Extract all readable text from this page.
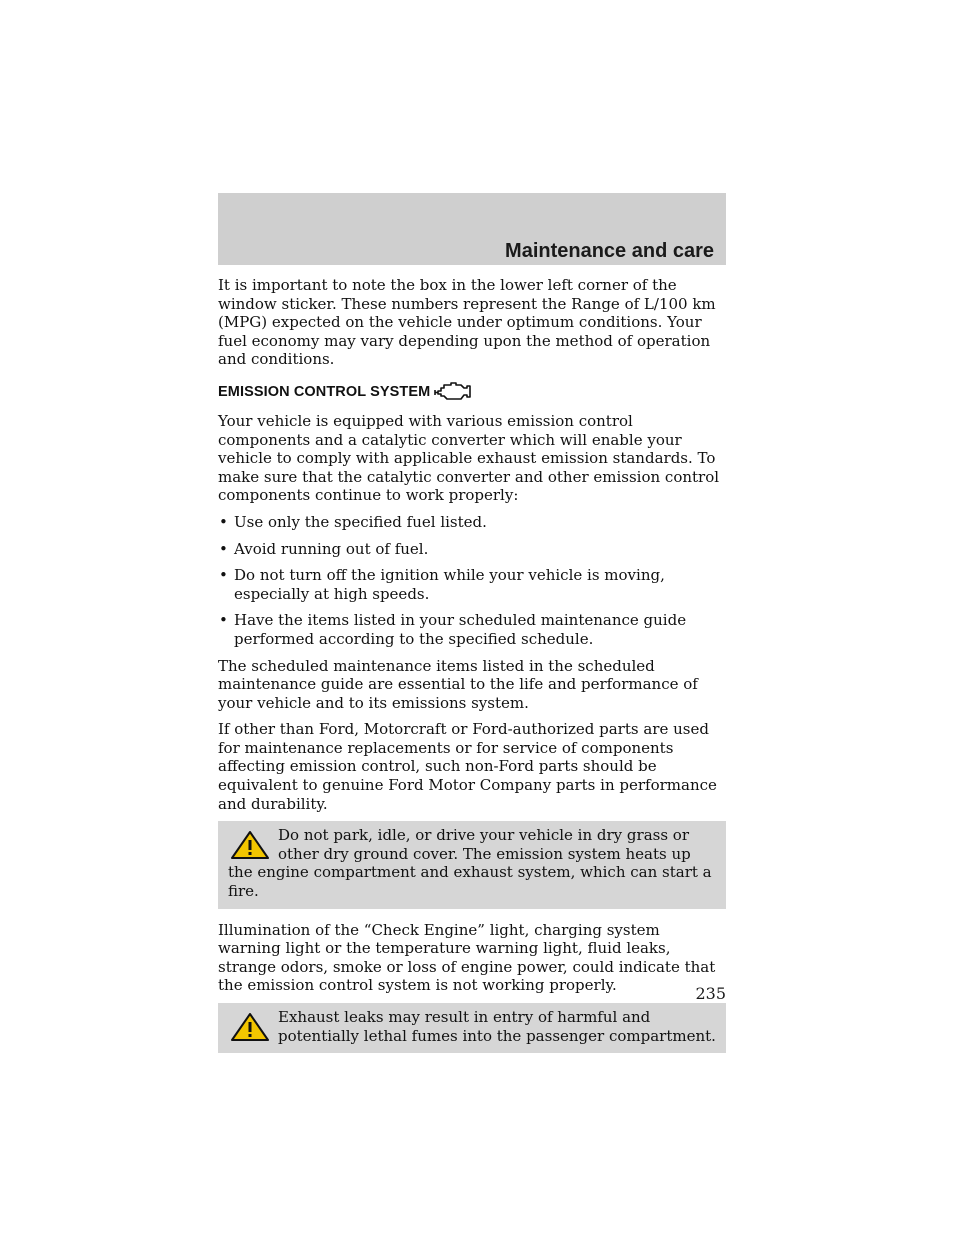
Maintenance and care

It is important to note the box in the lower left corner of the window sticker. These numbers represent the Range of L/100 km (MPG) expected on the vehicle under optimum conditions. Your fuel economy may vary depending upon the method of operation and conditions.

EMISSION CONTROL SYSTEM

Your vehicle is equipped with various emission control components and a catalytic converter which will enable your vehicle to comply with applicable exhaust emission standards. To make sure that the catalytic converter and other emission control components continue to work properly:

• Use only the specified fuel listed.
• Avoid running out of fuel.
• Do not turn off the ignition while your vehicle is moving, especially at high speeds.
• Have the items listed in your scheduled maintenance guide performed according to the specified schedule.

The scheduled maintenance items listed in the scheduled maintenance guide are essential to the life and performance of your vehicle and to its emissions system.

If other than Ford, Motorcraft or Ford-authorized parts are used for maintenance replacements or for service of components affecting emission control, such non-Ford parts should be equivalent to genuine Ford Motor Company parts in performance and durability.

Do not park, idle, or drive your vehicle in dry grass or other dry ground cover. The emission system heats up the engine compartment and exhaust system, which can start a fire.

Illumination of the “Check Engine” light, charging system warning light or the temperature warning light, fluid leaks, strange odors, smoke or loss of engine power, could indicate that the emission control system is not working properly.

Exhaust leaks may result in entry of harmful and potentially lethal fumes into the passenger compartment.
235
